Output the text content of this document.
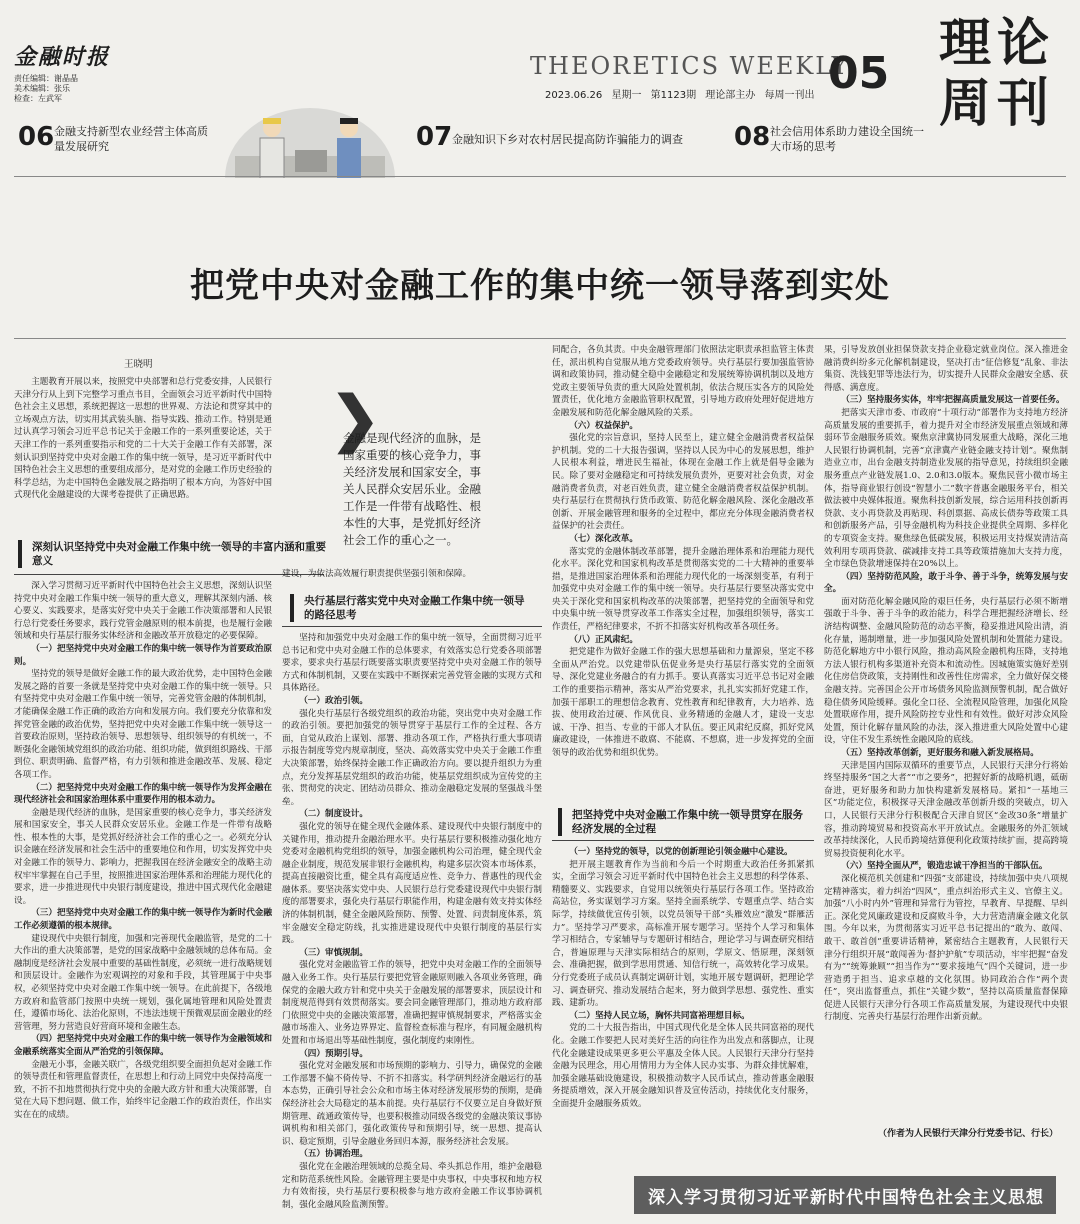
金融时报
责任编辑：谢晶晶
美术编辑：张乐
检查：左武军
THEORETICS WEEKLY
2023.06.26 星期一 第1123期 理论部主办 每周一刊出 05 理论
周刊
06 金融支持新型农业经营主体高质量发展研究	07 金融知识下乡对农村居民提高防诈骗能力的调查	08 社会信用体系助力建设全国统一大市场的思考
把党中央对金融工作的集中统一领导落到实处
王晓明

主题教育开展以来，按照党中央部署和总行党委安排，人民银行天津分行从上到下完整学习重点书目，全面领会习近平新时代中国特色社会主义思想，系统把握这一思想的世界观、方法论和贯穿其中的立场观点方法，切实用其武装头脑、指导实践、推动工作。特别是通过认真学习领会习近平总书记关于金融工作的一系列重要论述，关于天津工作的一系列重要指示和党的二十大关于金融工作有关部署，深刻认识到坚持党中央对金融工作的集中统一领导，是习近平新时代中国特色社会主义思想的重要组成部分，是对党的金融工作历史经验的科学总结，为走中国特色金融发展之路指明了根本方向，为答好中国式现代化金融建设的大课考卷提供了正确思路。

❯
金融是现代经济的血脉，是国家重要的核心竞争力，事关经济发展和国家安全，事关人民群众安居乐业。金融工作是一件带有战略性、根本性的大事，是党抓好经济社会工作的重心之一。
深刻认识坚持党中央对金融工作集中统一领导的丰富内涵和重要意义

深入学习贯彻习近平新时代中国特色社会主义思想，深刻认识坚持党中央对金融工作集中统一领导的重大意义，理解其深刻内涵、核心要义、实践要求，是落实好党中央关于金融工作决策部署和人民银行总行党委任务要求，践行党管金融原则的根本前提，也是履行金融领域和央行基层行服务实体经济和金融改革开放稳定的必要保障。

（一）把坚持党中央对金融工作的集中统一领导作为首要政治原则。

坚持党的领导是做好金融工作的最大政治优势，走中国特色金融发展之路的首要一条就是坚持党中央对金融工作的集中统一领导。只有坚持党中央对金融工作集中统一领导，完善党管金融的体制机制，才能确保金融工作正确的政治方向和发展方向。我们要充分依靠和发挥党管金融的政治优势，坚持把党中央对金融工作集中统一领导这一首要政治原则，坚持政治领导、思想领导、组织领导的有机统一，不断强化金融领域党组织的政治功能、组织功能，做到组织路线、干部到位、职责明确、监督严格，有力引领和推进金融改革、发展、稳定各项工作。

（二）把坚持党中央对金融工作的集中统一领导作为发挥金融在现代经济社会和国家治理体系中重要作用的根本动力。

金融是现代经济的血脉，是国家重要的核心竞争力，事关经济发展和国家安全，事关人民群众安居乐业。金融工作是一件带有战略性、根本性的大事，是党抓好经济社会工作的重心之一。必须充分认识金融在经济发展和社会生活中的重要地位和作用，切实发挥党中央对金融工作的领导力、影响力，把握我国在经济金融安全的战略主动权牢牢掌握在自己手里，按照推进国家治理体系和治理能力现代化的要求，进一步推进现代中央银行制度建设，推进中国式现代化金融建设。

（三）把坚持党中央对金融工作的集中统一领导作为新时代金融工作必须遵循的根本规律。

建设现代中央银行制度，加强和完善现代金融监管，是党的二十大作出的重大决策部署，是党的国家战略中金融领域的总体布局。金融制度是经济社会发展中重要的基础性制度，必须统一进行战略规划和顶层设计。金融作为宏观调控的对象和手段，其管理属于中央事权，必须坚持党中央对金融工作集中统一领导。在此前提下，各级地方政府和监管部门按照中央统一规划，强化属地管理和风险处置责任，遵循市场化、法治化原则，不违法违规干预微观层面金融业的经营管理，努力营造良好营商环境和金融生态。

（四）把坚持党中央对金融工作的集中统一领导作为金融领域和金融系统落实全面从严治党的引领保障。

金融无小事，金融关联广，各级党组织要全面担负起对金融工作的领导责任和管理监督责任，在思想上和行动上同党中央保持高度一致，不折不扣地贯彻执行党中央的金融大政方针和重大决策部署，自觉在大局下想问题、做工作，始终牢记金融工作的政治责任，作出实实在在的成绩。

建设，为依法高效履行职责提供坚强引领和保障。

央行基层行落实党中央对金融工作集中统一领导的路径思考

坚持和加强党中央对金融工作的集中统一领导，全面贯彻习近平总书记和党中央对金融工作的总体要求，有效落实总行党委各项部署要求，要求央行基层行既要落实职责要坚持党中央对金融工作的领导方式和体制机制，又要在实践中不断探索完善党管金融的实现方式和具体路径。

（一）政治引领。

强化央行基层行各级党组织的政治功能，突出党中央对金融工作的政治引领。要把加强党的领导贯穿于基层行工作的全过程、各方面，自觉从政治上谋划、部署、推动各项工作，严格执行重大事项请示报告制度等党内规章制度，坚决、高效落实党中央关于金融工作重大决策部署，始终保持金融工作正确政治方向。要以提升组织力为重点，充分发挥基层党组织的政治功能，使基层党组织成为宣传党的主张、贯彻党的决定、团结动员群众、推动金融稳定发展的坚强战斗堡垒。

（二）制度设计。

强化党的领导在健全现代金融体系、建设现代中央银行制度中的关键作用，推动提升金融治理水平。央行基层行要积极推动强化地方党委对金融机构党组织的领导，加强金融机构公司治理，健全现代金融企业制度，规范发展非银行金融机构，构建多层次资本市场体系，提高直接融资比重，健全具有高度适应性、竞争力、普惠性的现代金融体系。要坚决落实党中央、人民银行总行党委建设现代中央银行制度的部署要求，强化央行基层行职能作用，构建金融有效支持实体经济的体制机制，健全金融风险预防、预警、处置、问责制度体系，筑牢金融安全稳定防线，扎实推进建设现代中央银行制度的基层行实践。

（三）审慎规制。

强化党对金融监管工作的领导，把党中央对金融工作的全面领导融入业务工作。央行基层行要把党管金融原则融入各项业务管理，确保党的金融大政方针和党中央关于金融发展的部署要求，顶层设计和制度规范得到有效贯彻落实。要会同金融管理部门，推动地方政府部门依照党中央的金融决策部署，准确把握审慎规制要求，严格落实金融市场准入、业务边界界定、监督检查标准与程序，有同履金融机构处置和市场退出等基础性制度，强化制度约束刚性。

（四）预期引导。

强化党对金融发展和市场预期的影响力、引导力，确保党的金融工作部署不偏不倚传导、不折不扣落实。科学研判经济金融运行的基本态势，正确引导社会公众和市场主体对经济发展形势的预期，是确保经济社会大局稳定的基本前提。央行基层行不仅要立足自身做好预期管理、疏通政策传导，也要积极推动同级各级党的金融决策议事协调机构和相关部门，强化政策传导和预期引导，统一思想、提高认识、稳定预期，引导金融业务回归本源，服务经济社会发展。

（五）协调治理。

强化党在金融治理领域的总揽全局、牵头抓总作用，维护金融稳定和防范系统性风险。金融管理主要是中央事权，中央事权和地方权力有效衔接，央行基层行要积极参与地方政府金融工作议事协调机制，强化金融风险监测预警。

同配合，各负其责。中央金融管理部门依照法定职责承担监管主体责任，派出机构自觉服从地方党委政府领导。央行基层行要加强监管协调和政策协同，推动健全稳中金融稳定和发展统筹协调机制以及地方党政主要领导负责的重大风险处置机制，依法合规压实各方的风险处置责任，优化地方金融监管职权配置，引导地方政府处理好促进地方金融发展和防范化解金融风险的关系。

（六）权益保护。

强化党的宗旨意识，坚持人民至上，建立健全金融消费者权益保护机制。党的二十大报告强调，坚持以人民为中心的发展思想，维护人民根本利益，增进民生福祉，体现在金融工作上就是倡导金融为民。除了要对金融稳定和可持续发展负责外，更要对社会负责，对金融消费者负责，对老百姓负责，建立健全金融消费者权益保护机制。央行基层行在贯彻执行货币政策、防范化解金融风险、深化金融改革创新、开展金融管理和服务的全过程中，都应充分体现金融消费者权益保护的社会责任。

（七）深化改革。

落实党的金融体制改革部署，提升金融治理体系和治理能力现代化水平。深化党和国家机构改革是贯彻落实党的二十大精神的重要举措，是推进国家治理体系和治理能力现代化的一场深刻变革，有利于加强党中央对金融工作的集中统一领导。央行基层行要坚决落实党中央关于深化党和国家机构改革的决策部署，把坚持党的全面领导和党中央集中统一领导贯穿改革工作落实全过程，加强组织领导，落实工作责任，严格纪律要求，不折不扣落实好机构改革各项任务。

（八）正风肃纪。

把党建作为做好金融工作的强大思想基础和力量源泉，坚定不移全面从严治党。以党建带队伍促业务是央行基层行落实党的全面领导、深化党建业务融合的有力抓手。要认真落实习近平总书记对金融工作的重要指示精神，落实从严治党要求，扎扎实实抓好党建工作，加强干部职工的理想信念教育、党性教育和纪律教育，大力培养、选拔、使用政治过硬、作风优良、业务精通的金融人才，建设一支忠诚、干净、担当、专业的干部人才队伍。要正风肃纪反腐，抓好党风廉政建设，一体推进不敢腐、不能腐、不想腐，进一步发挥党的全面领导的政治优势和组织优势。

把坚持党中央对金融工作集中统一领导贯穿在服务经济发展的全过程

（一）坚持党的领导，以党的创新理论引领金融中心建设。

把开展主题教育作为当前和今后一个时期重大政治任务抓紧抓实，全面学习领会习近平新时代中国特色社会主义思想的科学体系、精髓要义、实践要求，自觉用以统领央行基层行各项工作。坚持政治高站位，务实谋划学习方案。坚持全面系统学、专题重点学、结合实际学，持续做优宣传引领，以党员领导干部“头雁效应”激发“群雁活力”。坚持学习严要求，高标准开展专题学习。坚持个人学习和集体学习相结合，专家辅导与专题研讨相结合，理论学习与调查研究相结合，普遍原理与天津实际相结合的原则，学原文、悟原理，深刻领会、准确把握，做到学思用贯通、知信行统一，高效转化学习成果。分行党委班子成员认真制定调研计划，实地开展专题调研，把理论学习、调查研究、推动发展结合起来，努力做到学思想、强党性、重实践、建新功。

（二）坚持人民立场，胸怀共同富裕理想目标。

党的二十大报告指出，中国式现代化是全体人民共同富裕的现代化。金融工作要把人民对美好生活的向往作为出发点和落脚点，让现代化金融建设成果更多更公平惠及全体人民。人民银行天津分行坚持金融为民理念，用心用情用力为全体人民办实事、为群众排忧解难，加强金融基础设施建设，积极推动数字人民币试点，推动普惠金融服务提质增效，深入开展金融知识普及宣传活动，持续优化支付服务，全面提升金融服务质效。

果，引导发放创业担保贷款支持企业稳定就业岗位。深入推进金融消费纠纷多元化解机制建设，坚决打击“征信修复”乱象、非法集资、洗钱犯罪等违法行为，切实提升人民群众金融安全感、获得感、满意度。

（三）坚持服务实体，牢牢把握高质量发展这一首要任务。

把落实天津市委、市政府“十项行动”部署作为支持地方经济高质量发展的重要抓手，着力提升对全市经济发展重点领域和薄弱环节金融服务质效。聚焦京津冀协同发展重大战略，深化三地人民银行协调机制，完善“京津冀产业链金融支持计划”。聚焦制造业立市，出台金融支持制造业发展的指导意见，持续组织金融服务重点产业链发展1.0、2.0和3.0版本。聚焦民营小微市场主体，指导商业银行创设“智慧小二”数字普惠金融服务平台，相关做法被中央媒体报道。聚焦科技创新发展，综合运用科技创新再贷款、支小再贷款及再贴现、科创票据、高成长债券等政策工具和创新服务产品，引导金融机构为科技企业提供全周期、多样化的专项资金支持。聚焦绿色低碳发展，积极运用支持煤炭清洁高效利用专项再贷款、碳减排支持工具等政策措施加大支持力度，全市绿色贷款增速保持在20%以上。

（四）坚持防范风险，敢于斗争、善于斗争，统筹发展与安全。

面对防范化解金融风险的艰巨任务，央行基层行必须不断增强敢于斗争、善于斗争的政治能力，科学合理把握经济增长、经济结构调整、金融风险防范的动态平衡，稳妥推进风险出清，消化存量，遏制增量，进一步加强风险处置机制和处置能力建设。防范化解地方中小银行风险，推动高风险金融机构压降，支持地方法人银行机构多渠道补充资本和流动性。因城施策实施好差别化住房信贷政策，支持刚性和改善性住房需求，全力做好保交楼金融支持。完善国企公开市场债务风险监测预警机制，配合做好稳住债务风险缓释。强化全口径、全流程风险管理，加强化风险处置联席作用，提升风险防控专业性和有效性。做好对涉众风险处置，预计化解存量风险的办法，深入推进重大风险处置中心建设，守住不发生系统性金融风险的底线。

（五）坚持改革创新，更好服务和融入新发展格局。

天津是国内国际双循环的重要节点，人民银行天津分行将始终坚持服务“国之大者”“市之要务”，把握好新的战略机遇，砥砺奋进，更好服务和助力加快构建新发展格局。紧扣“一基地三区”功能定位，积极探寻天津金融改革创新升级的突破点，切入口，人民银行天津分行积极配合天津自贸区“金改30条”增量扩容，推动跨境贸易和投资高水平开放试点。金融服务的外汇领域改革持续深化，人民币跨境结算便利化政策持续扩面，提高跨境贸易投资便利化水平。

（六）坚持全面从严，锻造忠诚干净担当的干部队伍。

深化模范机关创建和“四强”支部建设，持续加强中央八项规定精神落实，着力纠治“四风”，重点纠治形式主义、官僚主义。加强“八小时内外”管理和异常行为管控，早教育、早提醒、早纠正。深化党风廉政建设和反腐败斗争，大力营造清廉金融文化氛围。今年以来，为贯彻落实习近平总书记提出的“敢为、敢闯、敢干、敢首创”重要讲话精神，紧密结合主题教育，人民银行天津分行组织开展“敢闯善为·督护护航”专项活动，牢牢把握“奋发有为”“统筹兼顾”“担当作为”“要求接地气”四个关键词，进一步营造勇于担当、追求卓越的文化氛围。协同政治合作“两个责任”，突出监督重点，抓住“关键少数”，坚持以高质量监督保障促进人民银行天津分行各项工作高质量发展，为建设现代中央银行制度、完善央行基层行治理作出新贡献。

（作者为人民银行天津分行党委书记、行长）
深入学习贯彻习近平新时代中国特色社会主义思想
